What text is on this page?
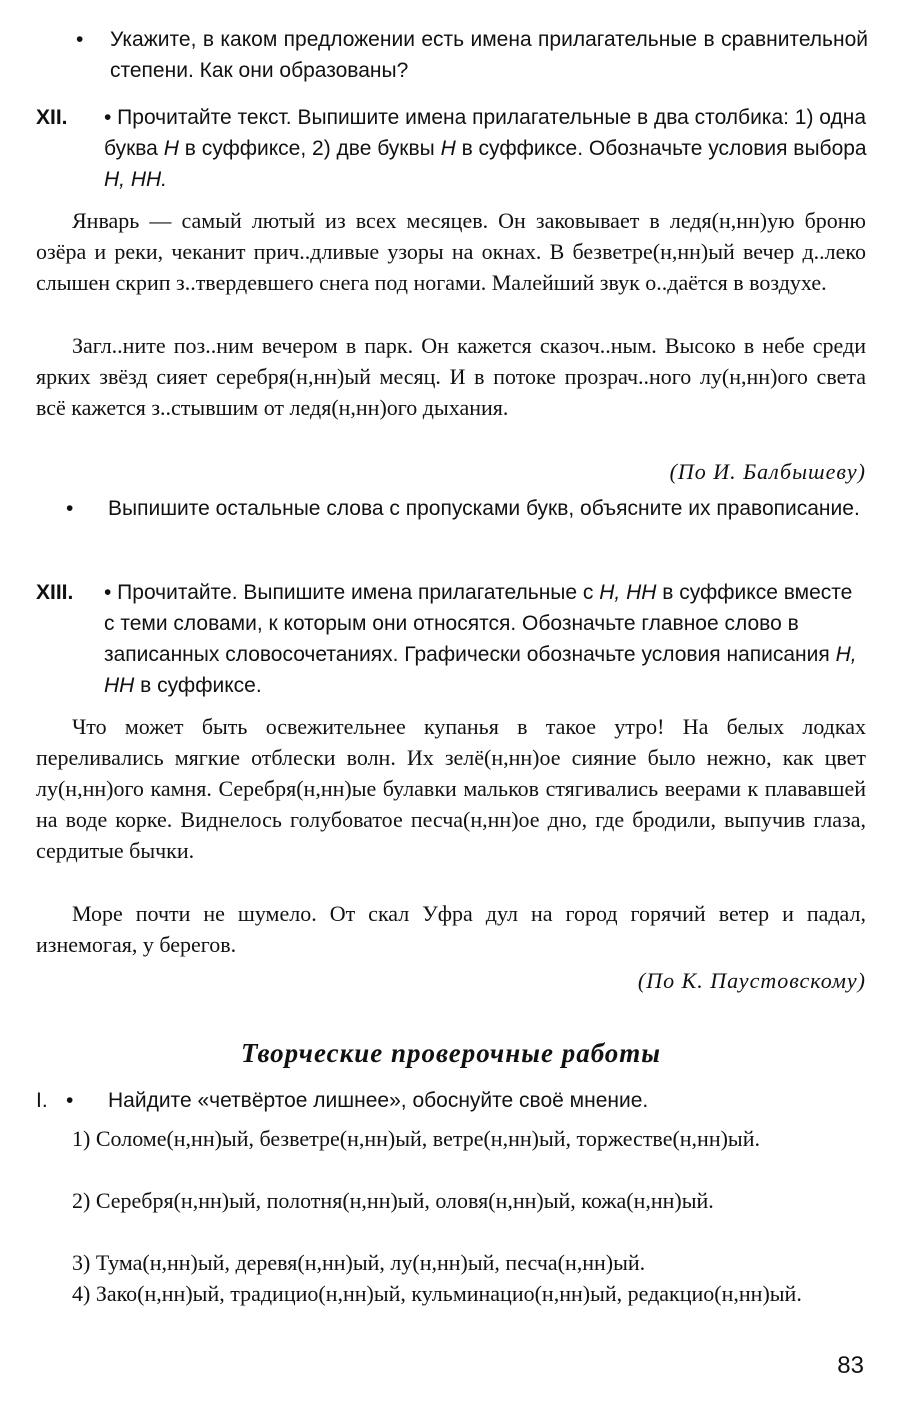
•	Укажите, в каком предложении есть имена прилагательные в сравнительной степени. Как они образованы?
XII. • Прочитайте текст. Выпишите имена прилагательные в два столбика: 1) одна буква Н в суффиксе, 2) две буквы Н в суффиксе. Обозначьте условия выбора Н, НН.

Январь — самый лютый из всех месяцев. Он заковывает в ледя(н,нн)ую броню озёра и реки, чеканит прич..дливые узоры на окнах. В безветре(н,нн)ый вечер д..леко слышен скрип з..твердевшего снега под ногами. Малейший звук о..даётся в воздухе.

Загл..ните поз..ним вечером в парк. Он кажется сказоч..ным. Высоко в небе среди ярких звёзд сияет серебря(н,нн)ый месяц. И в потоке прозрач..ного лу(н,нн)ого света всё кажется з..стывшим от ледя(н,нн)ого дыхания.

(По И. Балбышеву)
•	Выпишите остальные слова с пропусками букв, объясните их правописание.
XIII. • Прочитайте. Выпишите имена прилагательные с Н, НН в суффиксе вместе с теми словами, к которым они относятся. Обозначьте главное слово в записанных словосочетаниях. Графически обозначьте условия написания Н, НН в суффиксе.

Что может быть освежительнее купанья в такое утро! На белых лодках переливались мягкие отблески волн. Их зелё(н,нн)ое сияние было нежно, как цвет лу(н,нн)ого камня. Серебря(н,нн)ые булавки мальков стягивались веерами к плававшей на воде корке. Виднелось голубоватое песча(н,нн)ое дно, где бродили, выпучив глаза, сердитые бычки.

Море почти не шумело. От скал Уфра дул на город горячий ветер и падал, изнемогая, у берегов.

(По К. Паустовскому)
Творческие проверочные работы
I. • Найдите «четвёртое лишнее», обоснуйте своё мнение.

1) Соломе(н,нн)ый, безветре(н,нн)ый, ветре(н,нн)ый, торжестве(н,нн)ый.

2) Серебря(н,нн)ый, полотня(н,нн)ый, оловя(н,нн)ый, кожа(н,нн)ый.

3) Тума(н,нн)ый, деревя(н,нн)ый, лу(н,нн)ый, песча(н,нн)ый.

4) Зако(н,нн)ый, традицио(н,нн)ый, кульминацио(н,нн)ый, редакцио(н,нн)ый.

83
